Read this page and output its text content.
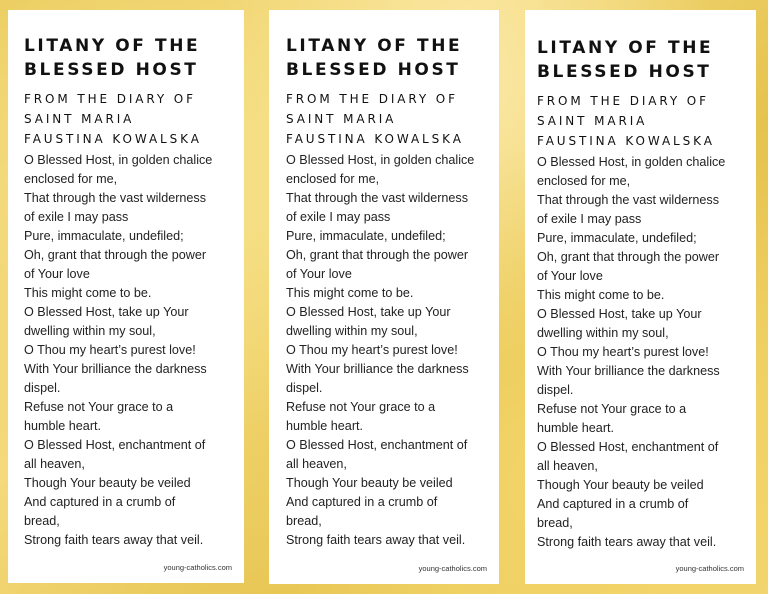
LITANY OF THE
BLESSED HOST
FROM THE DIARY OF
SAINT MARIA
FAUSTINA KOWALSKA
O Blessed Host, in golden chalice
enclosed for me,
That through the vast wilderness
of exile I may pass
Pure, immaculate, undefiled;
Oh, grant that through the power
of Your love
This might come to be.
O Blessed Host, take up Your
dwelling within my soul,
O Thou my heart’s purest love!
With Your brilliance the darkness
dispel.
Refuse not Your grace to a
humble heart.
O Blessed Host, enchantment of
all heaven,
Though Your beauty be veiled
And captured in a crumb of
bread,
Strong faith tears away that veil.
young-catholics.com
LITANY OF THE
BLESSED HOST
FROM THE DIARY OF
SAINT MARIA
FAUSTINA KOWALSKA
O Blessed Host, in golden chalice
enclosed for me,
That through the vast wilderness
of exile I may pass
Pure, immaculate, undefiled;
Oh, grant that through the power
of Your love
This might come to be.
O Blessed Host, take up Your
dwelling within my soul,
O Thou my heart’s purest love!
With Your brilliance the darkness
dispel.
Refuse not Your grace to a
humble heart.
O Blessed Host, enchantment of
all heaven,
Though Your beauty be veiled
And captured in a crumb of
bread,
Strong faith tears away that veil.
young-catholics.com
LITANY OF THE
BLESSED HOST
FROM THE DIARY OF
SAINT MARIA
FAUSTINA KOWALSKA
O Blessed Host, in golden chalice
enclosed for me,
That through the vast wilderness
of exile I may pass
Pure, immaculate, undefiled;
Oh, grant that through the power
of Your love
This might come to be.
O Blessed Host, take up Your
dwelling within my soul,
O Thou my heart’s purest love!
With Your brilliance the darkness
dispel.
Refuse not Your grace to a
humble heart.
O Blessed Host, enchantment of
all heaven,
Though Your beauty be veiled
And captured in a crumb of
bread,
Strong faith tears away that veil.
young-catholics.com
